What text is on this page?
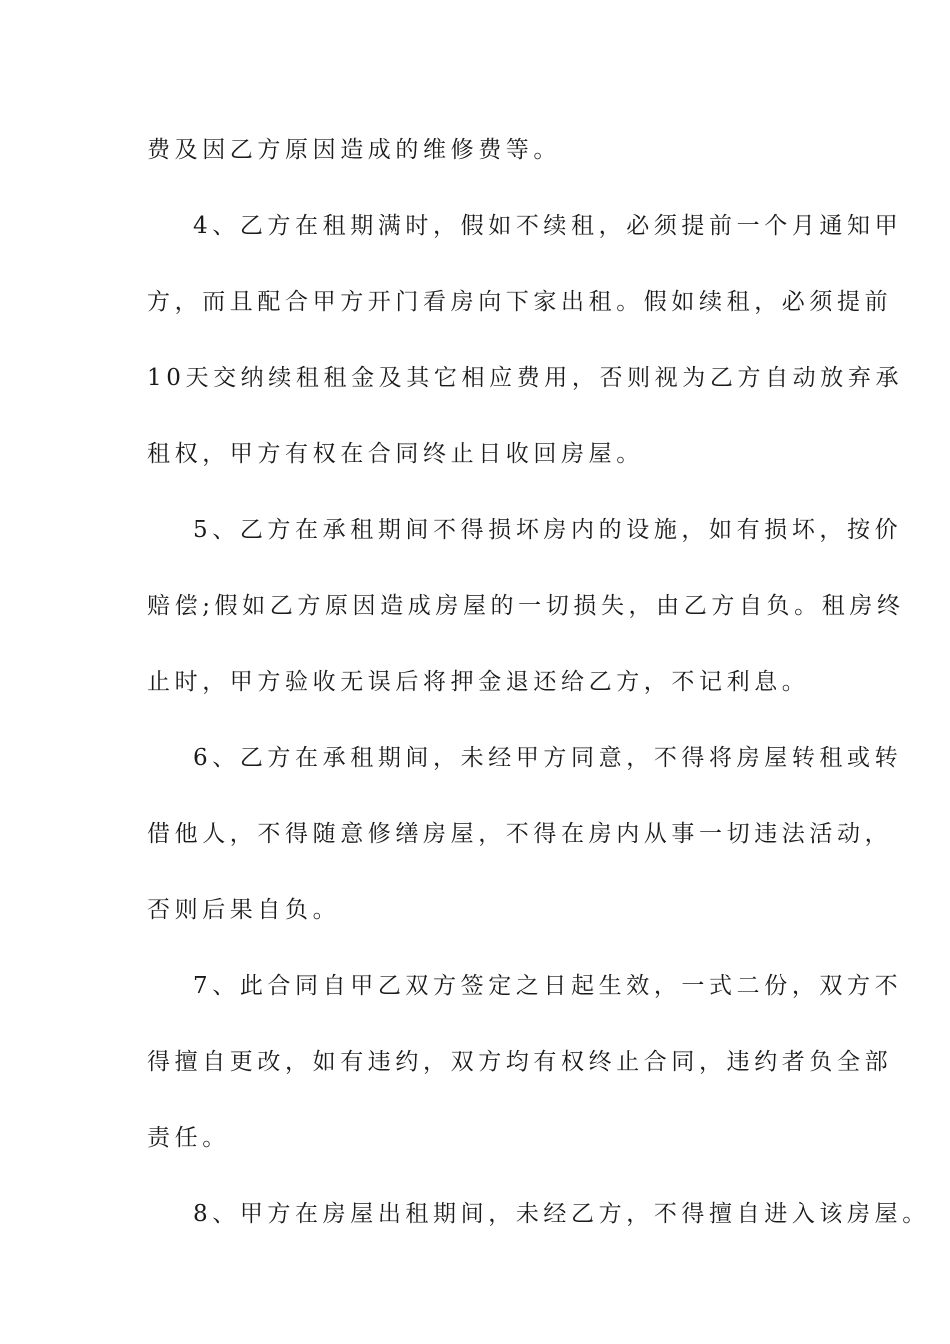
费及因乙方原因造成的维修费等。
4、乙方在租期满时，假如不续租，必须提前一个月通知甲
方，而且配合甲方开门看房向下家出租。假如续租，必须提前
10天交纳续租租金及其它相应费用，否则视为乙方自动放弃承
租权，甲方有权在合同终止日收回房屋。
5、乙方在承租期间不得损坏房内的设施，如有损坏，按价
赔偿;假如乙方原因造成房屋的一切损失，由乙方自负。租房终
止时，甲方验收无误后将押金退还给乙方，不记利息。
6、乙方在承租期间，未经甲方同意，不得将房屋转租或转
借他人，不得随意修缮房屋，不得在房内从事一切违法活动，
否则后果自负。
7、此合同自甲乙双方签定之日起生效，一式二份，双方不
得擅自更改，如有违约，双方均有权终止合同，违约者负全部
责任。
8、甲方在房屋出租期间，未经乙方，不得擅自进入该房屋。
